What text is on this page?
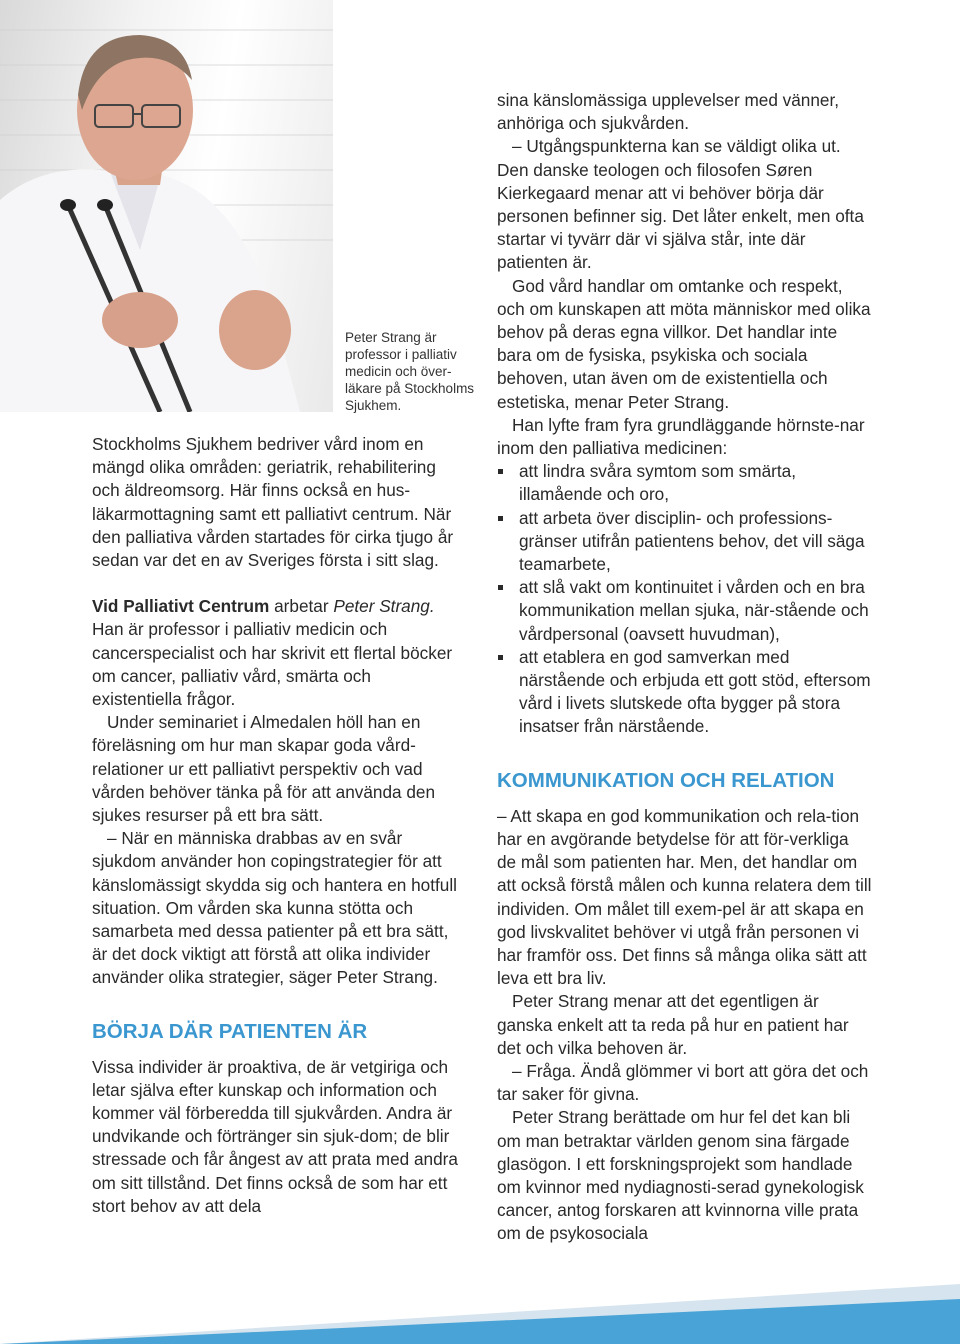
Peter Strang är professor i palliativ medicin och över-läkare på Stockholms Sjukhem.

Stockholms Sjukhem bedriver vård inom en mängd olika områden: geriatrik, rehabilitering och äldreomsorg. Här finns också en hus-läkarmottagning samt ett palliativt centrum. När den palliativa vården startades för cirka tjugo år sedan var det en av Sveriges första i sitt slag.

Vid Palliativt Centrum arbetar Peter Strang. Han är professor i palliativ medicin och cancerspecialist och har skrivit ett flertal böcker om cancer, palliativ vård, smärta och existentiella frågor.

Under seminariet i Almedalen höll han en föreläsning om hur man skapar goda vård-relationer ur ett palliativt perspektiv och vad vården behöver tänka på för att använda den sjukes resurser på ett bra sätt.

– När en människa drabbas av en svår sjukdom använder hon copingstrategier för att känslomässigt skydda sig och hantera en hotfull situation. Om vården ska kunna stötta och samarbeta med dessa patienter på ett bra sätt, är det dock viktigt att förstå att olika individer använder olika strategier, säger Peter Strang.

BÖRJA DÄR PATIENTEN ÄR

Vissa individer är proaktiva, de är vetgiriga och letar själva efter kunskap och information och kommer väl förberedda till sjukvården. Andra är undvikande och förtränger sin sjuk-dom; de blir stressade och får ångest av att prata med andra om sitt tillstånd. Det finns också de som har ett stort behov av att dela

sina känslomässiga upplevelser med vänner, anhöriga och sjukvården.

– Utgångspunkterna kan se väldigt olika ut. Den danske teologen och filosofen Søren Kierkegaard menar att vi behöver börja där personen befinner sig. Det låter enkelt, men ofta startar vi tyvärr där vi själva står, inte där patienten är.

God vård handlar om omtanke och respekt, och om kunskapen att möta människor med olika behov på deras egna villkor. Det handlar inte bara om de fysiska, psykiska och sociala behoven, utan även om de existentiella och estetiska, menar Peter Strang.

Han lyfte fram fyra grundläggande hörnste-nar inom den palliativa medicinen:

att lindra svåra symtom som smärta, illamående och oro,
att arbeta över disciplin- och professions-gränser utifrån patientens behov, det vill säga teamarbete,
att slå vakt om kontinuitet i vården och en bra kommunikation mellan sjuka, när-stående och vårdpersonal (oavsett huvudman),
att etablera en god samverkan med närstående och erbjuda ett gott stöd, eftersom vård i livets slutskede ofta bygger på stora insatser från närstående.
KOMMUNIKATION OCH RELATION

– Att skapa en god kommunikation och rela-tion har en avgörande betydelse för att för-verkliga de mål som patienten har. Men, det handlar om att också förstå målen och kunna relatera dem till individen. Om målet till exem-pel är att skapa en god livskvalitet behöver vi utgå från personen vi har framför oss. Det finns så många olika sätt att leva ett bra liv.

Peter Strang menar att det egentligen är ganska enkelt att ta reda på hur en patient har det och vilka behoven är.

– Fråga. Ändå glömmer vi bort att göra det och tar saker för givna.

Peter Strang berättade om hur fel det kan bli om man betraktar världen genom sina färgade glasögon. I ett forskningsprojekt som handlade om kvinnor med nydiagnosti-serad gynekologisk cancer, antog forskaren att kvinnorna ville prata om de psykosociala
